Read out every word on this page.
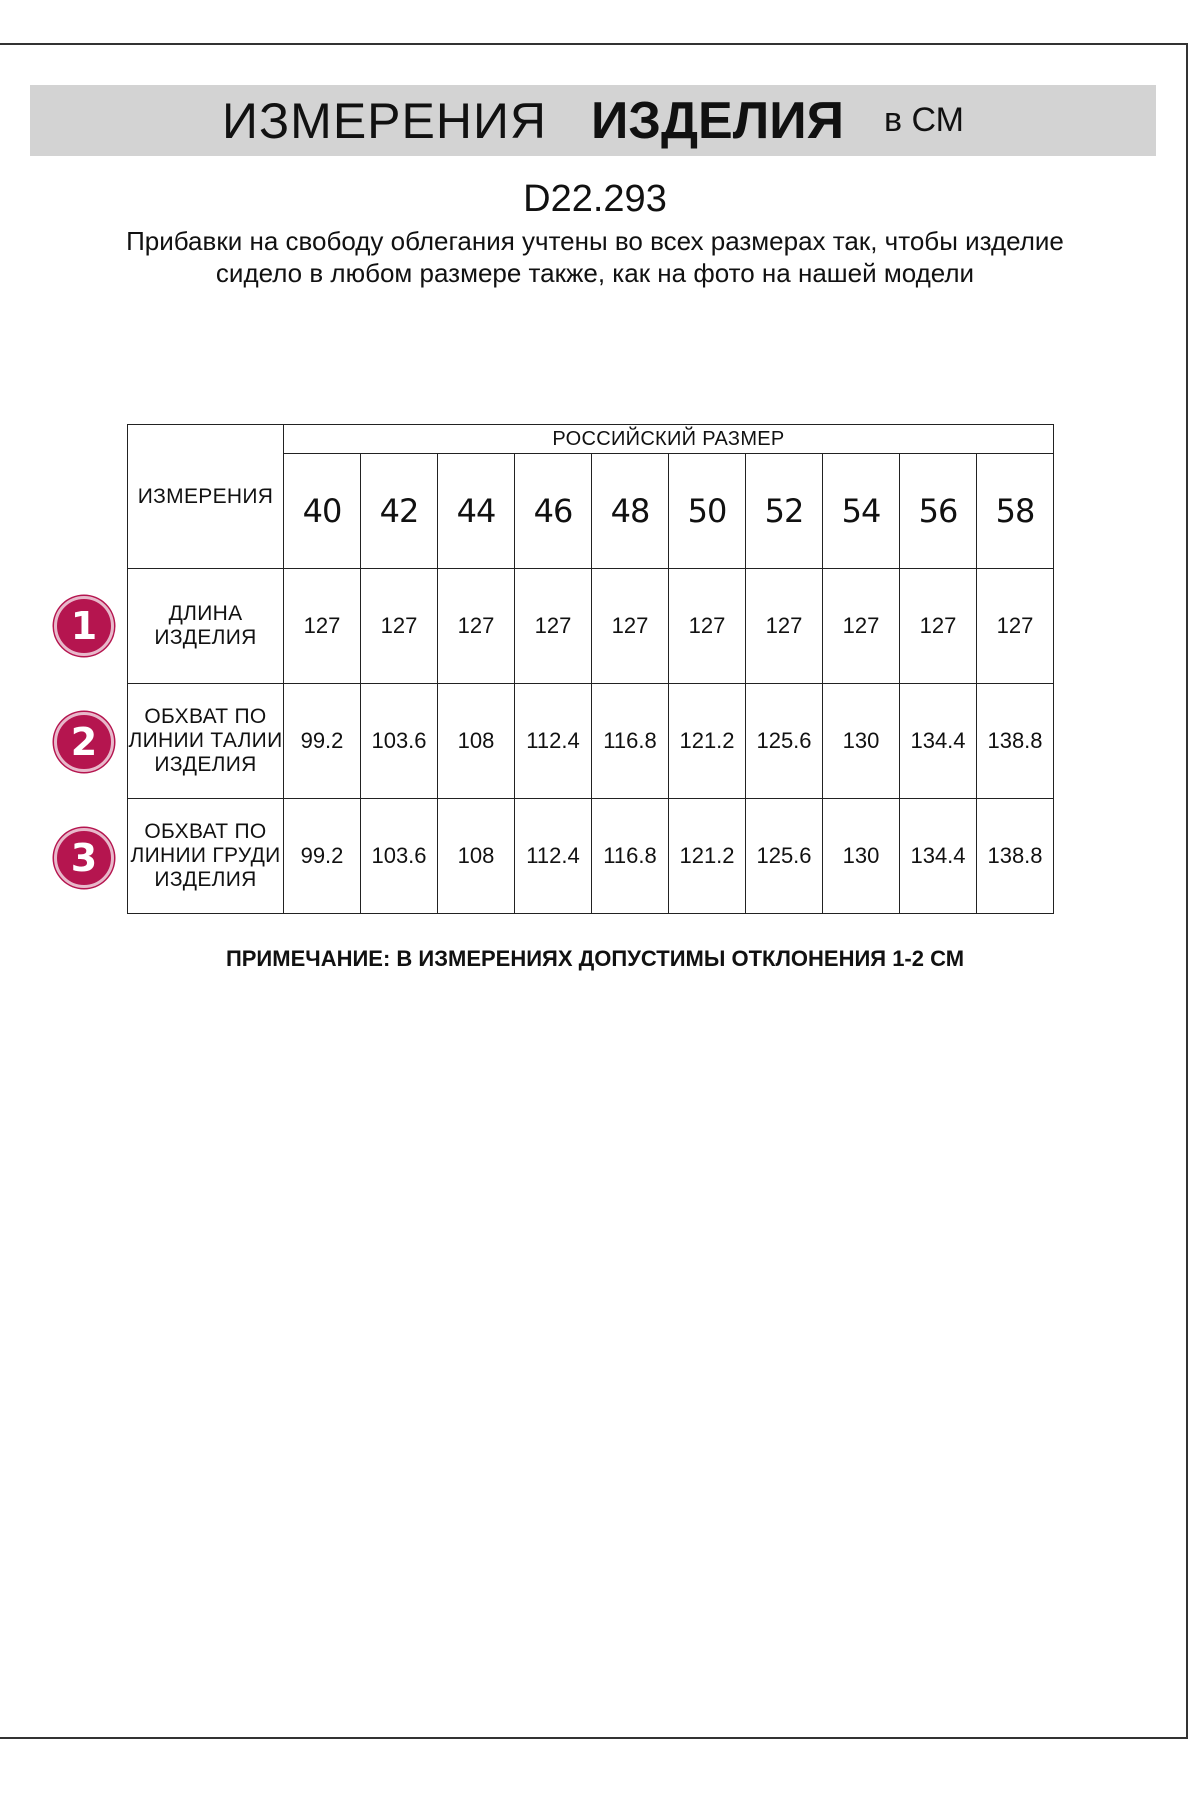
ИЗМЕРЕНИЯ ИЗДЕЛИЯ в СМ
D22.293
Прибавки на свободу облегания учтены во всех размерах так, чтобы изделие сидело в любом размере также, как на фото на нашей модели
ИЗМЕРЕНИЯ	РОССИЙСКИЙ РАЗМЕР									
	40	42	44	46	48	50	52	54	56	58
ДЛИНА ИЗДЕЛИЯ	127	127	127	127	127	127	127	127	127	127
ОБХВАТ ПО ЛИНИИ ТАЛИИ ИЗДЕЛИЯ	99.2	103.6	108	112.4	116.8	121.2	125.6	130	134.4	138.8
ОБХВАТ ПО ЛИНИИ ГРУДИ ИЗДЕЛИЯ	99.2	103.6	108	112.4	116.8	121.2	125.6	130	134.4	138.8
1
2
3
ПРИМЕЧАНИЕ: В ИЗМЕРЕНИЯХ ДОПУСТИМЫ ОТКЛОНЕНИЯ 1-2 СМ
